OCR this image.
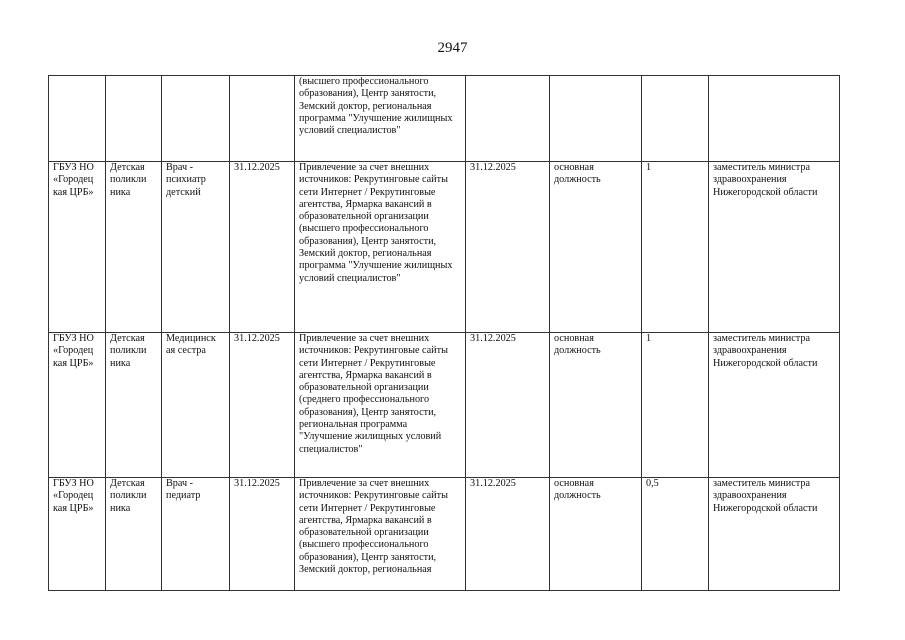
2947

				(высшего профессионального образования), Центр занятости, Земский доктор, региональная программа "Улучшение жилищных условий специалистов"				

ГБУЗ НО «Городец кая ЦРБ»	Детская поликли ника	Врач - психиатр детский	31.12.2025	Привлечение за счет внешних источников: Рекрутинговые сайты сети Интернет / Рекрутинговые агентства, Ярмарка вакансий в образовательной организации (высшего профессионального образования), Центр занятости, Земский доктор, региональная программа "Улучшение жилищных условий специалистов"	31.12.2025	основная должность	1	заместитель министра здравоохранения Нижегородской области

ГБУЗ НО «Городец кая ЦРБ»	Детская поликли ника	Медицинск ая сестра	31.12.2025	Привлечение за счет внешних источников: Рекрутинговые сайты сети Интернет / Рекрутинговые агентства, Ярмарка вакансий в образовательной организации (среднего профессионального образования), Центр занятости, региональная программа "Улучшение жилищных условий специалистов"	31.12.2025	основная должность	1	заместитель министра здравоохранения Нижегородской области

ГБУЗ НО «Городец кая ЦРБ»	Детская поликли ника	Врач - педиатр	31.12.2025	Привлечение за счет внешних источников: Рекрутинговые сайты сети Интернет / Рекрутинговые агентства, Ярмарка вакансий в образовательной организации (высшего профессионального образования), Центр занятости, Земский доктор, региональная	31.12.2025	основная должность	0,5	заместитель министра здравоохранения Нижегородской области
